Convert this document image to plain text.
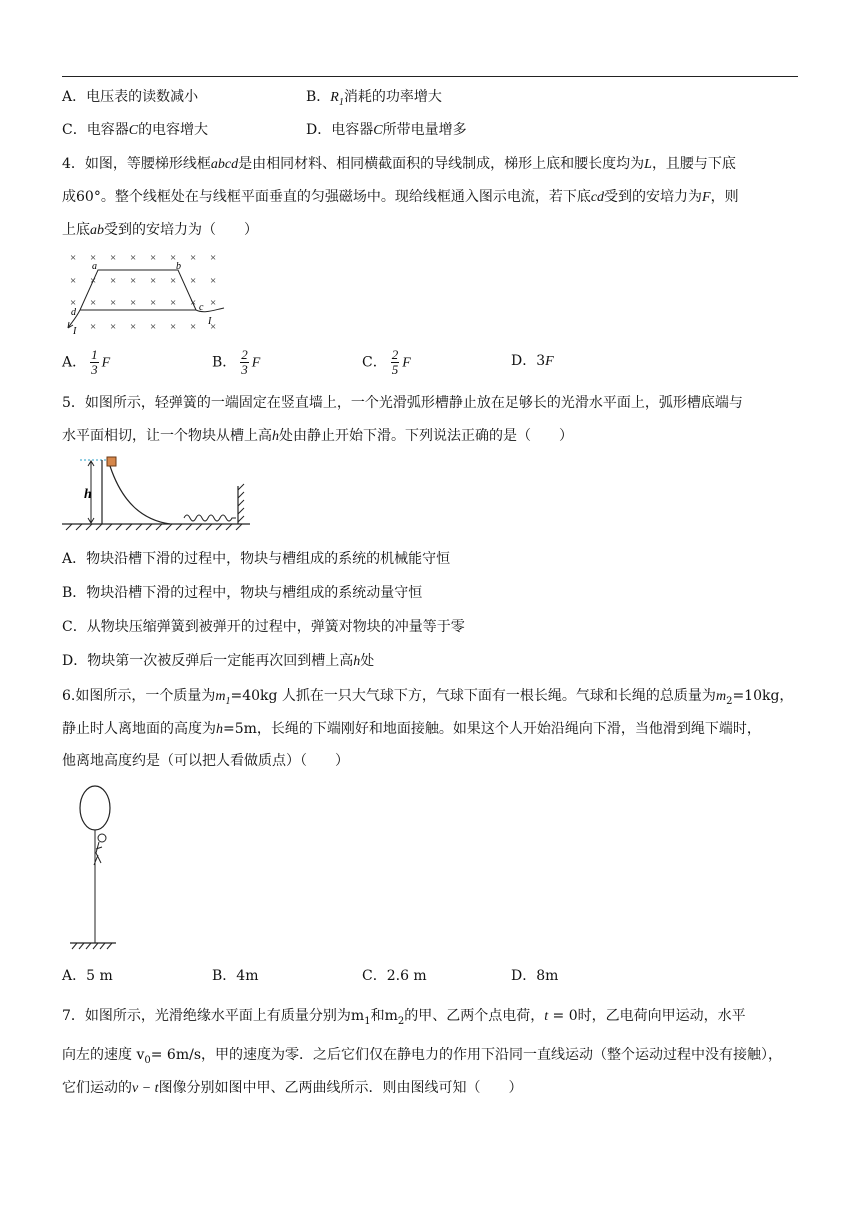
A．电压表的读数减小	B．$R_1$消耗的功率增大
C．电容器C的电容增大	D．电容器C所带电量增多
4．如图，等腰梯形线框abcd是由相同材料、相同横截面积的导线制成，梯形上底和腰长度均为L，且腰与下底
成60°。整个线框处在与线框平面垂直的匀强磁场中。现给线框通入图示电流，若下底cd受到的安培力为F，则
上底ab受到的安培力为（　　）
× × × × × × × ×
× × × × × × × ×
× × × × × × × ×
× × × × × × ×
a	b
c
d
I
I
A． $\frac{1}{3}$ F	B． $\frac{2}{3}$ F	C． $\frac{2}{5}$ F	D．3F
5．如图所示，轻弹簧的一端固定在竖直墙上，一个光滑弧形槽静止放在足够长的光滑水平面上，弧形槽底端与
水平面相切，让一个物块从槽上高h处由静止开始下滑。下列说法正确的是（　　）
h
A．物块沿槽下滑的过程中，物块与槽组成的系统的机械能守恒
B．物块沿槽下滑的过程中，物块与槽组成的系统动量守恒
C．从物块压缩弹簧到被弹开的过程中，弹簧对物块的冲量等于零
D．物块第一次被反弹后一定能再次回到槽上高h处
6.如图所示，一个质量为$m_1=40kg$ 人抓在一只大气球下方，气球下面有一根长绳。气球和长绳的总质量为$m_2=10kg$，
静止时人离地面的高度为h=5m，长绳的下端刚好和地面接触。如果这个人开始沿绳向下滑，当他滑到绳下端时，
他离地高度约是（可以把人看做质点）（　　）
A．5 m	B．4m	C．2.6 m	D．8m
7．如图所示，光滑绝缘水平面上有质量分别为$m_1$和$m_2$的甲、乙两个点电荷，t = 0时，乙电荷向甲运动，水平
向左的速度 $v_0= 6m/s$，甲的速度为零．之后它们仅在静电力的作用下沿同一直线运动（整个运动过程中没有接触），
它们运动的v − t图像分别如图中甲、乙两曲线所示．则由图线可知（　　）
